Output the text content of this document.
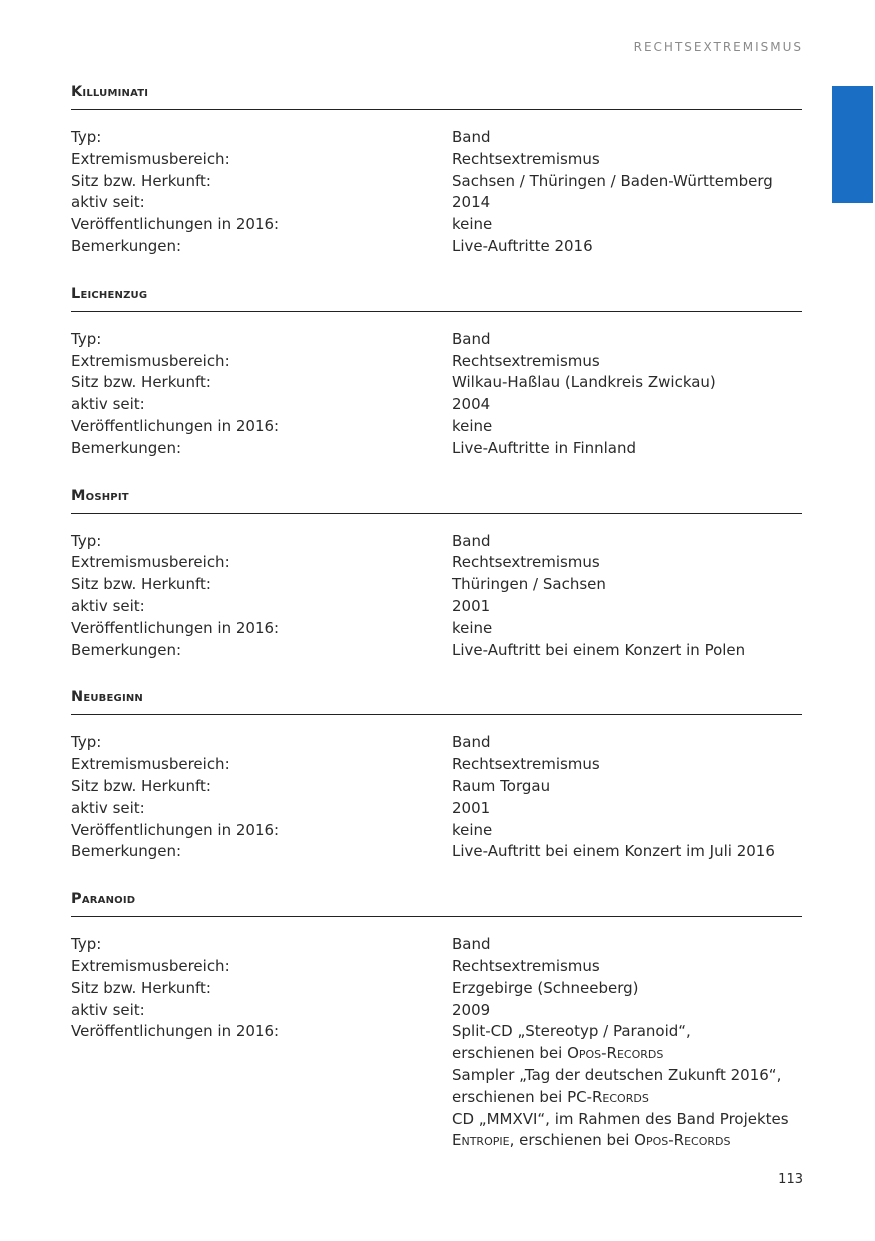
RECHTSEXTREMISMUS
Killuminati
Typ:	Band
Extremismusbereich:	Rechtsextremismus
Sitz bzw. Herkunft:	Sachsen / Thüringen / Baden-Württemberg
aktiv seit:	2014
Veröffentlichungen in 2016:	keine
Bemerkungen:	Live-Auftritte 2016
Leichenzug
Typ:	Band
Extremismusbereich:	Rechtsextremismus
Sitz bzw. Herkunft:	Wilkau-Haßlau (Landkreis Zwickau)
aktiv seit:	2004
Veröffentlichungen in 2016:	keine
Bemerkungen:	Live-Auftritte in Finnland
Moshpit
Typ:	Band
Extremismusbereich:	Rechtsextremismus
Sitz bzw. Herkunft:	Thüringen / Sachsen
aktiv seit:	2001
Veröffentlichungen in 2016:	keine
Bemerkungen:	Live-Auftritt bei einem Konzert in Polen
Neubeginn
Typ:	Band
Extremismusbereich:	Rechtsextremismus
Sitz bzw. Herkunft:	Raum Torgau
aktiv seit:	2001
Veröffentlichungen in 2016:	keine
Bemerkungen:	Live-Auftritt bei einem Konzert im Juli 2016
Paranoid
Typ:	Band
Extremismusbereich:	Rechtsextremismus
Sitz bzw. Herkunft:	Erzgebirge (Schneeberg)
aktiv seit:	2009
Veröffentlichungen in 2016:	Split-CD „Stereotyp / Paranoid“,
erschienen bei Opos-Records
Sampler „Tag der deutschen Zukunft 2016“,
erschienen bei PC-Records
CD „MMXVI“, im Rahmen des Band Projektes
Entropie, erschienen bei Opos-Records
113
